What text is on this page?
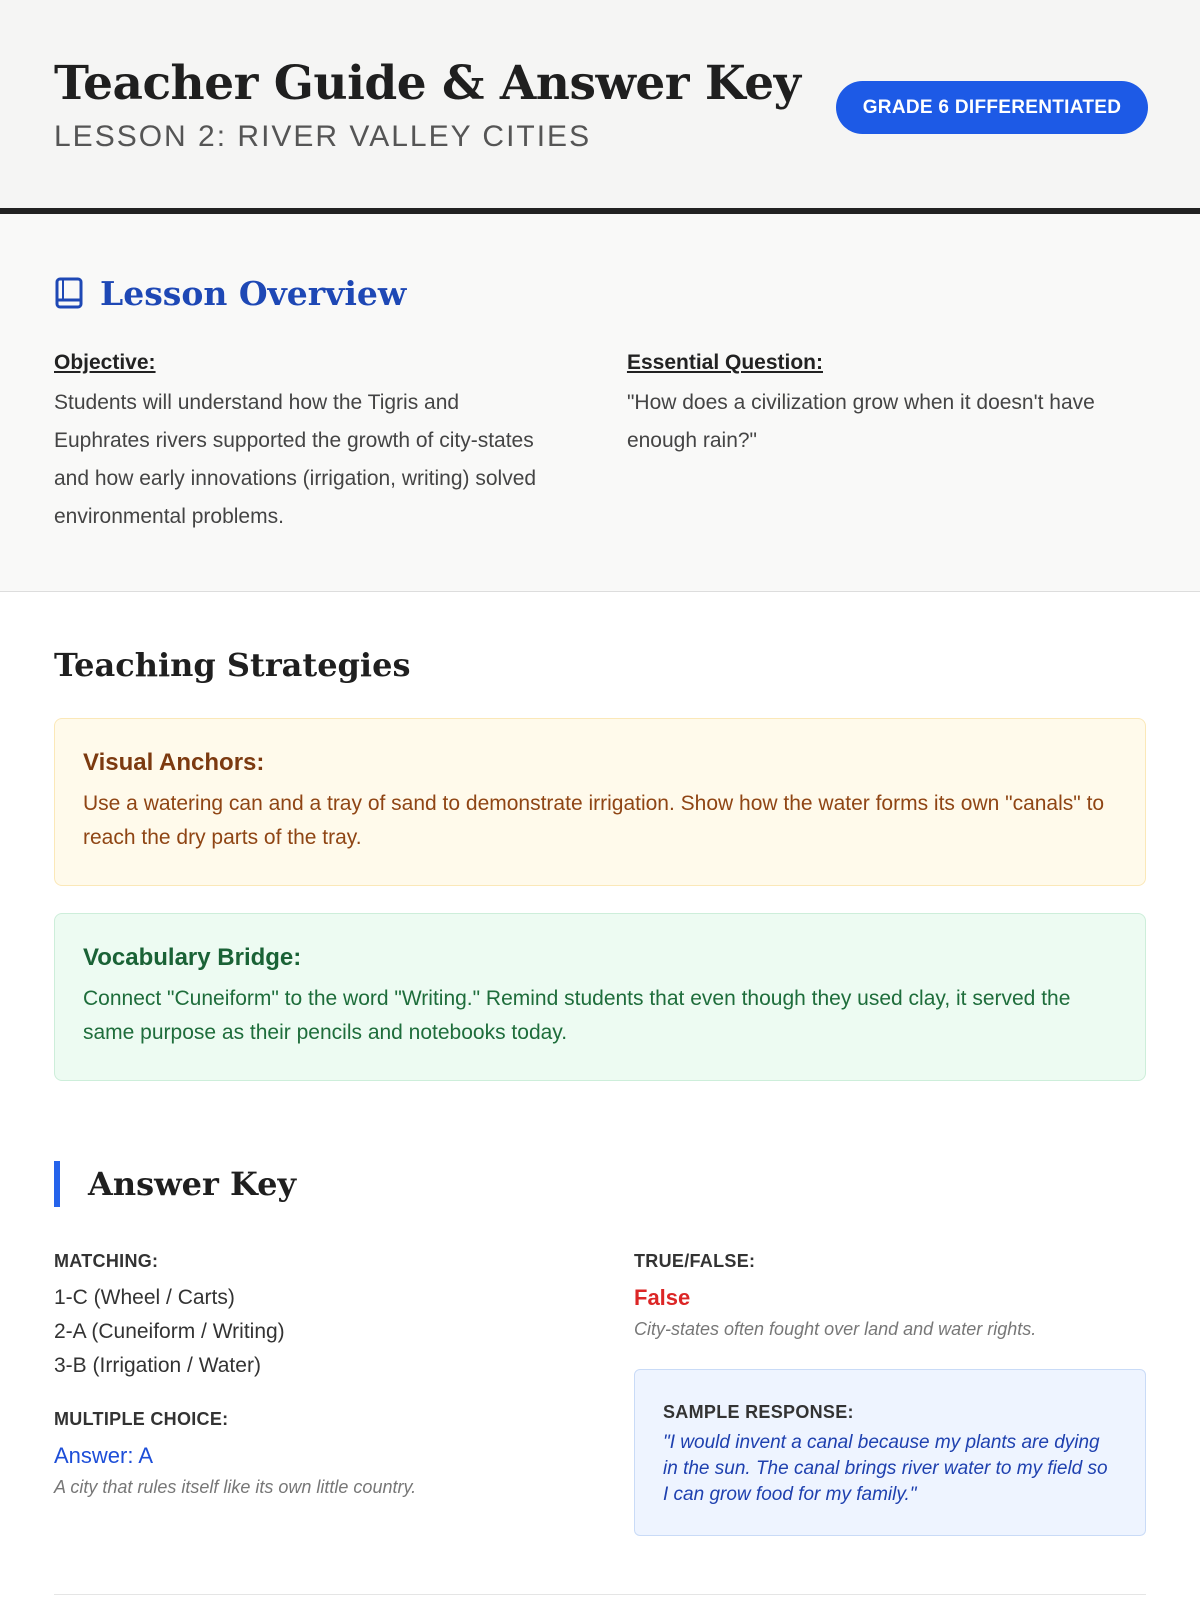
Teacher Guide & Answer Key
LESSON 2: RIVER VALLEY CITIES
GRADE 6 DIFFERENTIATED
Lesson Overview
Objective:
Students will understand how the Tigris and Euphrates rivers supported the growth of city-states and how early innovations (irrigation, writing) solved environmental problems.
Essential Question:
"How does a civilization grow when it doesn't have enough rain?"
Teaching Strategies
Visual Anchors:
Use a watering can and a tray of sand to demonstrate irrigation. Show how the water forms its own "canals" to reach the dry parts of the tray.
Vocabulary Bridge:
Connect "Cuneiform" to the word "Writing." Remind students that even though they used clay, it served the same purpose as their pencils and notebooks today.
Answer Key
MATCHING:
1-C (Wheel / Carts)
2-A (Cuneiform / Writing)
3-B (Irrigation / Water)
MULTIPLE CHOICE:
Answer: A
A city that rules itself like its own little country.
TRUE/FALSE:
False
City-states often fought over land and water rights.
SAMPLE RESPONSE:
"I would invent a canal because my plants are dying in the sun. The canal brings river water to my field so I can grow food for my family."
